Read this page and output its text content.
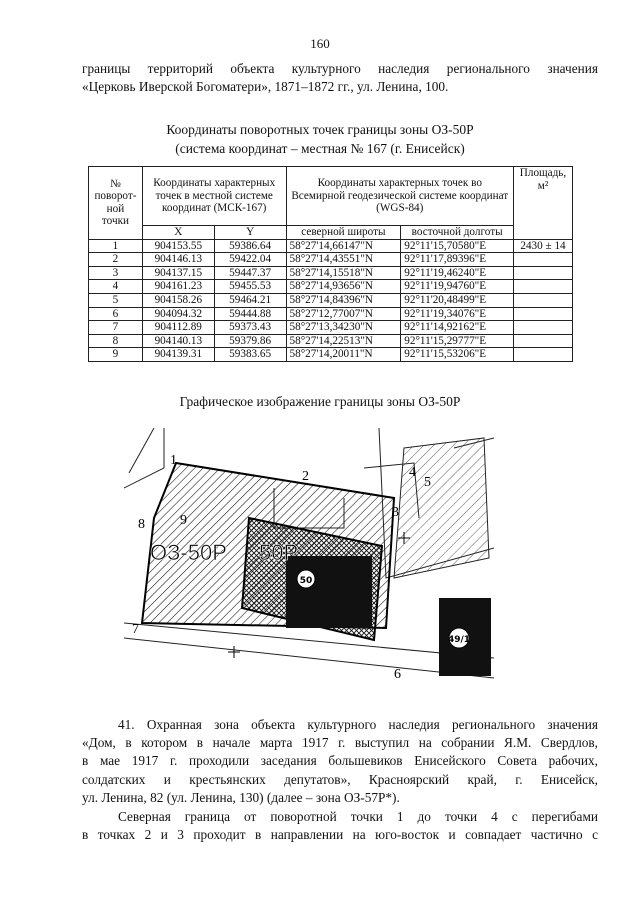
160
границы территорий объекта культурного наследия регионального значения
«Церковь Иверской Богоматери», 1871–1872 гг., ул. Ленина, 100.
Координаты поворотных точек границы зоны ОЗ-50Р
(система координат – местная № 167 (г. Енисейск)
№ поворот-ной точки	Координаты характерных точек в местной системе координат (МСК-167)		Координаты характерных точек во Всемирной геодезической системе координат (WGS-84)		Площадь, м²
	X	Y	северной широты	восточной долготы	
1	904153.55	59386.64	58°27'14,66147"N	92°11'15,70580"E	2430 ± 14
2	904146.13	59422.04	58°27'14,43551"N	92°11'17,89396"E	
3	904137.15	59447.37	58°27'14,15518"N	92°11'19,46240"E	
4	904161.23	59455.53	58°27'14,93656"N	92°11'19,94760"E	
5	904158.26	59464.21	58°27'14,84396"N	92°11'20,48499"E	
6	904094.32	59444.88	58°27'12,77007"N	92°11'19,34076"E	
7	904112.89	59373.43	58°27'13,34230"N	92°11'14,92162"E	
8	904140.13	59379.86	58°27'14,22513"N	92°11'15,29777"E	
9	904139.31	59383.65	58°27'14,20011"N	92°11'15,53206"E	
Графическое изображение границы зоны ОЗ-50Р
50
49/1
ОЗ-50Р 50Р
1
2
3
4
5
6
7
8	9
41. Охранная зона объекта культурного наследия регионального значения
«Дом, в котором в начале марта 1917 г. выступил на собрании Я.М. Свердлов,
в мае 1917 г. проходили заседания большевиков Енисейского Совета рабочих,
солдатских и крестьянских депутатов», Красноярский край, г. Енисейск,
ул. Ленина, 82 (ул. Ленина, 130) (далее – зона ОЗ-57Р*).
Северная граница от поворотной точки 1 до точки 4 с перегибами
в точках 2 и 3 проходит в направлении на юго-восток и совпадает частично с
